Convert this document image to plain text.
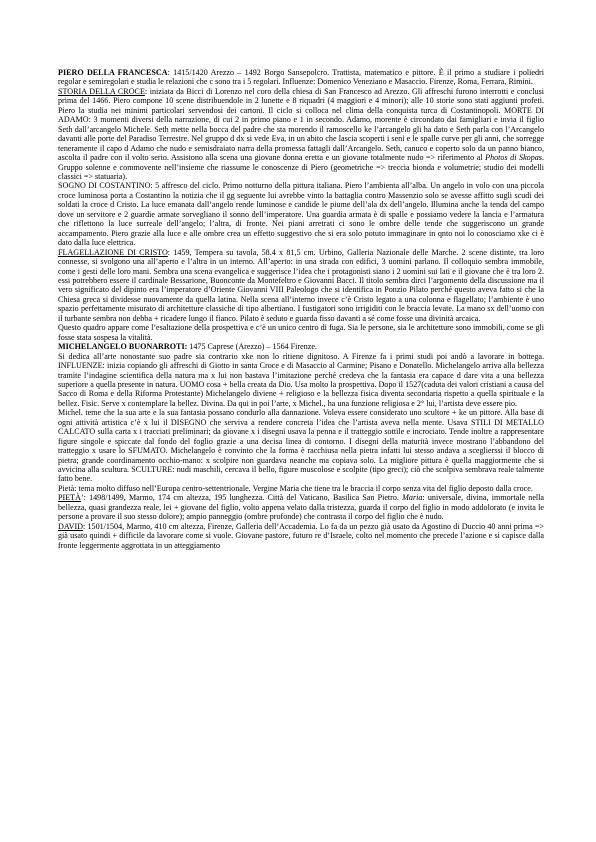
PIERO DELLA FRANCESCA: 1415/1420 Arezzo – 1492 Borgo Sansepolcro. Trattista, matematico e pittore. È il primo a studiare i poliedri regolar e semiregolari e studia le relazioni che c sono tra i 5 regolari. Influenze: Domenico Veneziano e Masaccio. Firenze, Roma, Ferrara, Rimini.

STORIA DELLA CROCE: iniziata da Bicci di Lorenzo nel coro della chiesa di San Francesco ad Arezzo. Gli affreschi furono interrotti e conclusi prima del 1466. Piero compone 10 scene distribuendole in 2 lunette e 8 riquadri (4 maggiori e 4 minori); alle 10 storie sono stati aggiunti profeti. Piero la studia nei minimi particolari servendosi dei cartoni. Il ciclo si colloca nel clima della conquista turca di Costantinopoli. MORTE DI ADAMO: 3 momenti diversi della narrazione, di cui 2 in primo piano e 1 in secondo. Adamo, morente è circondato dai famigliari e invia il figlio Seth dall’arcangelo Michele. Seth mette nella bocca del padre che sta morendo il ramoscello ke l’arcangelo gli ha dato e Seth parla con l’Arcangelo davanti alle porte del Paradiso Terrestre. Nel gruppo d dx si vede Eva, in un abito che lascia scoperti i seni e le spalle curve per gli anni, che sorregge teneramente il capo d Adamo che nudo e semisdraiato narra della promessa fattagli dall’Arcangelo. Seth, canuco e coperto solo da un panno bianco, ascolta il padre con il volto serio. Assistono alla scena una giovane donna eretta e un giovane totalmente nudo => riferimento al Photos di Skopas. Gruppo solenne e commovente nell’insieme che riassume le conoscenze di Piero (geometriche => treccia bionda e volumetrie; studio dei modelli classici => statuaria).

SOGNO DI COSTANTINO: 5 affresco del ciclo. Primo notturno della pittura italiana. Piero l’ambienta all’alba. Un angelo in volo con una piccola croce luminosa porta a Costantino la notizia che il gg seguente lui avrebbe vinto la battaglia contro Massenzio solo se avesse affitto sugli scudi dei soldati la croce d Cristo. La luce emanata dall’angelo rende luminose e candide le piume dell’ala dx dell’angelo. Illumina anche la tenda del campo dove un servitore e 2 guardie armate sorvegliano il sonno dell’imperatore. Una guardia armata è di spalle e possiamo vedere la lancia e l’armatura che riflettono la luce surreale dell’angelo; l’altra, di fronte. Nei piani arretrati ci sono le ombre delle tende che suggeriscono un grande accampamento. Piero grazie alla luce e alle ombre crea un effetto suggestivo che si era solo potuto immaginare in qnto noi lo conosciamo xke ci è dato dalla luce elettrica.

FLAGELLAZIONE DI CRISTO: 1459, Tempera su tavola, 58.4 x 81,5 cm. Urbino, Galleria Nazionale delle Marche. 2 scene distinte, tra loro connesse, si svolgono una all’aperto e l’altra in un interno. All’aperto: in una strada con edifici, 3 uomini parlano. Il colloquio sembra immobile, come i gesti delle loro mani. Sembra una scena evangelica e suggerisce l’idea che i protagonisti siano i 2 uomini sui lati e il giovane che è tra loro 2. essi potrebbero essere il cardinale Bessarione, Buonconte da Montefeltro e Giovanni Bacci. Il titolo sembra dirci l’argomento della discussione ma il vero significato del dipinto era l’imperatore d’Oriente Giovanni VIII Paleologo che si identifica in Ponzio Pilato perché questo aveva fatto si che la Chiesa greca si dividesse nuovamente da quella latina. Nella scena all’interno invece c’è Cristo legato a una colonna e flagellato; l’ambiente è uno spazio perfettamente misurato di architetture classiche di tipo albertiano. I fustigatori sono irrigiditi con le braccia levate. La mano sx dell’uomo con il turbante sembra non debba + ricadere lungo il fianco. Pilato è seduto e guarda fisso davanti a sé come fosse una divinità arcaica.

Questo quadro appare come l’esaltazione della prospettiva e c’è un unico centro di fuga. Sia le persone, sia le architetture sono immobili, come se gli fosse stata sospesa la vitalità.

MICHELANGELO BUONARROTI: 1475 Caprese (Arezzo) – 1564 Firenze.

Si dedica all’arte nonostante suo padre sia contrario xke non lo ritiene dignitoso. A Firenze fa i primi studi poi andò a lavorare in bottega. INFLUENZE: inizia copiando gli affreschi di Giotto in santa Croce e di Masaccio al Carmine; Pisano e Donatello. Michelangelo arriva alla bellezza tramite l’indagine scientifica della natura ma x lui non bastava l’imitazione perché credeva che la fantasia era capace d dare vita a una bellezza superiore a quella presente in natura. UOMO cosa + bella creata da Dio. Usa molto la prospettiva. Dopo il 1527(caduta dei valori cristiani a causa del Sacco di Roma e della Riforma Protestante) Michelangelo diviene + religioso e la bellezza fisica diventa secondaria rispetto a quella spirituale e la bellez. Fisic. Serve x contemplare la bellez. Divina. Da qui in poi l’arte, x Michel., ha una funzione religiosa e 2° lui, l’artista deve essere pio.

Michel. teme che la sua arte e la sua fantasia possano condurlo alla dannazione. Voleva essere considerato uno scultore + ke un pittore. Alla base di ogni attività artistica c’è x lui il DISEGNO che serviva a rendere concreta l’idea che l’artista aveva nella mente. Usava STILI DI METALLO CALCATO sulla carta x i tracciati preliminari; da giovane x i disegni usava la penna e il tratteggio sottile e incrociato. Tende inoltre a rappresentare figure singole e spiccate dal fondo del foglio grazie a una decisa linea di contorno. I disegni della maturità invece mostrano l’abbandono del tratteggio x usare lo SFUMATO. Michelangelo è convinto che la forma è racchiusa nella pietra infatti lui stesso andava a sceglierssi il blocco di pietra; grande coordinamento occhio-mano: x scolpire non guardava neanche ma copiava solo. La migliore pittura è quella maggiormente che si avvicina alla scultura. SCULTURE: nudi maschili, cercava il bello, figure muscolose e scolpite (tipo greci); ciò che scolpiva sembrava reale talmente fatto bene.

Pietà: tema molto diffuso nell’Europa centro-settentrionale. Vergine Maria che tiene tra le braccia il corpo senza vita del figlio deposto dalla croce.

PIETÀ’: 1498/1499, Marmo, 174 cm altezza, 195 lunghezza. Città del Vaticano, Basilica San Pietro. Maria: universale, divina, immortale nella bellezza, quasi grandezza reale, lei + giovane del figlio, volto appena velato dalla tristezza, guarda il corpo del figlio in modo addolorato (e invita le persone a provare il suo stesso dolore); ampio panneggio (ombre profonde) che contrasta il corpo del figlio che è nudo.

DAVID: 1501/1504, Marmo, 410 cm altezza, Firenze, Galleria dell’Accademia. Lo fa da un pezzo già usato da Agostino di Duccio 40 anni prima => già usato quindi + difficile da lavorare come si vuole. Giovane pastore, futuro re d’Israele, colto nel momento che precede l’azione e si capisce dalla fronte leggermente aggrottata in un atteggiamento
